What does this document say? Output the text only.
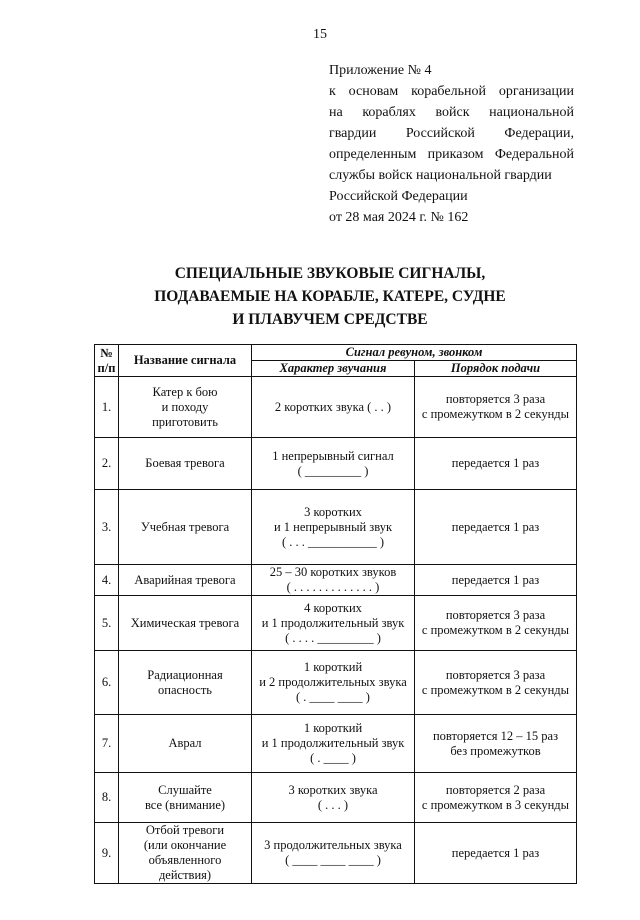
15
Приложение № 4
к основам корабельной организации
на кораблях войск национальной
гвардии Российской Федерации,
определенным приказом Федеральной
службы войск национальной гвардии
Российской Федерации
от 28 мая 2024 г. № 162
СПЕЦИАЛЬНЫЕ ЗВУКОВЫЕ СИГНАЛЫ,
ПОДАВАЕМЫЕ НА КОРАБЛЕ, КАТЕРЕ, СУДНЕ
И ПЛАВУЧЕМ СРЕДСТВЕ
№
п/п	Название сигнала	Сигнал ревуном, звонком	
		Характер звучания	Порядок подачи
1.	Катер к бою
и походу
приготовить	2 коротких звука ( . . )	повторяется 3 раза
с промежутком в 2 секунды

2.	Боевая тревога	1 непрерывный сигнал
( _________ )	передается 1 раз

3.	Учебная тревога	3 коротких
и 1 непрерывный звук
( . . . ___________ )	передается 1 раз

4.	Аварийная тревога	25 – 30 коротких звуков
( . . . . . . . . . . . . . )	передается 1 раз

5.	Химическая тревога	4 коротких
и 1 продолжительный звук
( . . . . _________ )	повторяется 3 раза
с промежутком в 2 секунды

6.	Радиационная
опасность	1 короткий
и 2 продолжительных звука
( . ____ ____ )	повторяется 3 раза
с промежутком в 2 секунды

7.	Аврал	1 короткий
и 1 продолжительный звук
( . ____ )	повторяется 12 – 15 раз
без промежутков

8.	Слушайте
все (внимание)	3 коротких звука
( . . . )	повторяется 2 раза
с промежутком в 3 секунды

9.	Отбой тревоги
(или окончание
объявленного
действия)	3 продолжительных звука
( ____ ____ ____ )	передается 1 раз
